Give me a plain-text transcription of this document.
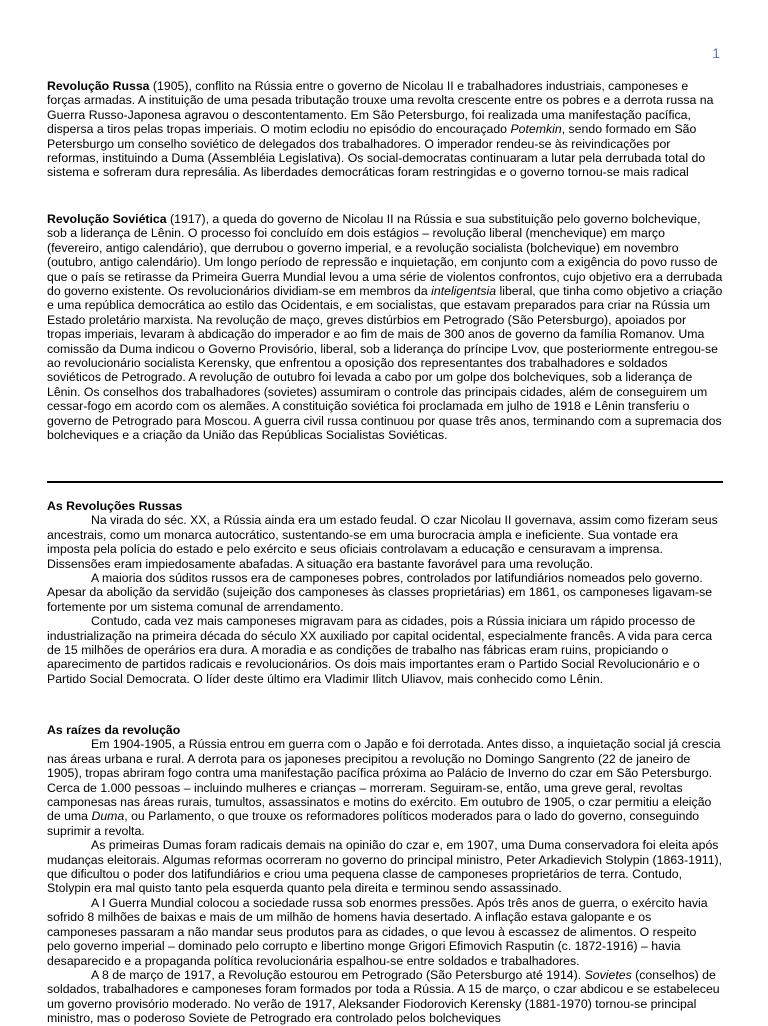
1

Revolução Russa (1905), conflito na Rússia entre o governo de Nicolau II e trabalhadores industriais, camponeses e forças armadas. A instituição de uma pesada tributação trouxe uma revolta crescente entre os pobres e a derrota russa na Guerra Russo-Japonesa agravou o descontentamento. Em São Petersburgo, foi realizada uma manifestação pacífica, dispersa a tiros pelas tropas imperiais. O motim eclodiu no episódio do encouraçado Potemkin, sendo formado em São Petersburgo um conselho soviético de delegados dos trabalhadores. O imperador rendeu-se às reivindicações por reformas, instituindo a Duma (Assembléia Legislativa). Os social-democratas continuaram a lutar pela derrubada total do sistema e sofreram dura represália. As liberdades democráticas foram restringidas e o governo tornou-se mais radical

Revolução Soviética (1917), a queda do governo de Nicolau II na Rússia e sua substituição pelo governo bolchevique, sob a liderança de Lênin. O processo foi concluído em dois estágios – revolução liberal (menchevique) em março (fevereiro, antigo calendário), que derrubou o governo imperial, e a revolução socialista (bolchevique) em novembro (outubro, antigo calendário). Um longo período de repressão e inquietação, em conjunto com a exigência do povo russo de que o país se retirasse da Primeira Guerra Mundial levou a uma série de violentos confrontos, cujo objetivo era a derrubada do governo existente. Os revolucionários dividiam-se em membros da inteligentsia liberal, que tinha como objetivo a criação e uma república democrática ao estilo das Ocidentais, e em socialistas, que estavam preparados para criar na Rússia um Estado proletário marxista. Na revolução de maço, greves distúrbios em Petrogrado (São Petersburgo), apoiados por tropas imperiais, levaram à abdicação do imperador e ao fim de mais de 300 anos de governo da família Romanov. Uma comissão da Duma indicou o Governo Provisório, liberal, sob a liderança do príncipe Lvov, que posteriormente entregou-se ao revolucionário socialista Kerensky, que enfrentou a oposição dos representantes dos trabalhadores e soldados soviéticos de Petrogrado. A revolução de outubro foi levada a cabo por um golpe dos bolcheviques, sob a liderança de Lênin. Os conselhos dos trabalhadores (sovietes) assumiram o controle das principais cidades, além de conseguirem um cessar-fogo em acordo com os alemães. A constituição soviética foi proclamada em julho de 1918 e Lênin transferiu o governo de Petrogrado para Moscou. A guerra civil russa continuou por quase três anos, terminando com a supremacia dos bolcheviques e a criação da União das Repúblicas Socialistas Soviéticas.

As Revoluções Russas

Na virada do séc. XX, a Rússia ainda era um estado feudal. O czar Nicolau II governava, assim como fizeram seus ancestrais, como um monarca autocrático, sustentando-se em uma burocracia ampla e ineficiente. Sua vontade era imposta pela polícia do estado e pelo exército e seus oficiais controlavam a educação e censuravam a imprensa. Dissensões eram impiedosamente abafadas. A situação era bastante favorável para uma revolução.

A maioria dos súditos russos era de camponeses pobres, controlados por latifundiários nomeados pelo governo. Apesar da abolição da servidão (sujeição dos camponeses às classes proprietárias) em 1861, os camponeses ligavam-se fortemente por um sistema comunal de arrendamento.

Contudo, cada vez mais camponeses migravam para as cidades, pois a Rússia iniciara um rápido processo de industrialização na primeira década do século XX auxiliado por capital ocidental, especialmente francês. A vida para cerca de 15 milhões de operários era dura. A moradia e as condições de trabalho nas fábricas eram ruins, propiciando o aparecimento de partidos radicais e revolucionários. Os dois mais importantes eram o Partido Social Revolucionário e o Partido Social Democrata. O líder deste último era Vladimir Ilitch Uliavov, mais conhecido como Lênin.

As raízes da revolução

Em 1904-1905, a Rússia entrou em guerra com o Japão e foi derrotada. Antes disso, a inquietação social já crescia nas áreas urbana e rural. A derrota para os japoneses precipitou a revolução no Domingo Sangrento (22 de janeiro de 1905), tropas abriram fogo contra uma manifestação pacífica próxima ao Palácio de Inverno do czar em São Petersburgo. Cerca de 1.000 pessoas – incluindo mulheres e crianças – morreram. Seguiram-se, então, uma greve geral, revoltas camponesas nas áreas rurais, tumultos, assassinatos e motins do exército. Em outubro de 1905, o czar permitiu a eleição de uma Duma, ou Parlamento, o que trouxe os reformadores políticos moderados para o lado do governo, conseguindo suprimir a revolta.

As primeiras Dumas foram radicais demais na opinião do czar e, em 1907, uma Duma conservadora foi eleita após mudanças eleitorais. Algumas reformas ocorreram no governo do principal ministro, Peter Arkadievich Stolypin (1863-1911), que dificultou o poder dos latifundiários e criou uma pequena classe de camponeses proprietários de terra. Contudo, Stolypin era mal quisto tanto pela esquerda quanto pela direita e terminou sendo assassinado.

A I Guerra Mundial colocou a sociedade russa sob enormes pressões. Após três anos de guerra, o exército havia sofrido 8 milhões de baixas e mais de um milhão de homens havia desertado. A inflação estava galopante e os camponeses passaram a não mandar seus produtos para as cidades, o que levou à escassez de alimentos. O respeito pelo governo imperial – dominado pelo corrupto e libertino monge Grigori Efimovich Rasputin (c. 1872-1916) – havia desaparecido e a propaganda política revolucionária espalhou-se entre soldados e trabalhadores.

A 8 de março de 1917, a Revolução estourou em Petrogrado (São Petersburgo até 1914). Sovietes (conselhos) de soldados, trabalhadores e camponeses foram formados por toda a Rússia. A 15 de março, o czar abdicou e se estabeleceu um governo provisório moderado. No verão de 1917, Aleksander Fiodorovich Kerensky (1881-1970) tornou-se principal ministro, mas o poderoso Soviete de Petrogrado era controlado pelos bolcheviques
